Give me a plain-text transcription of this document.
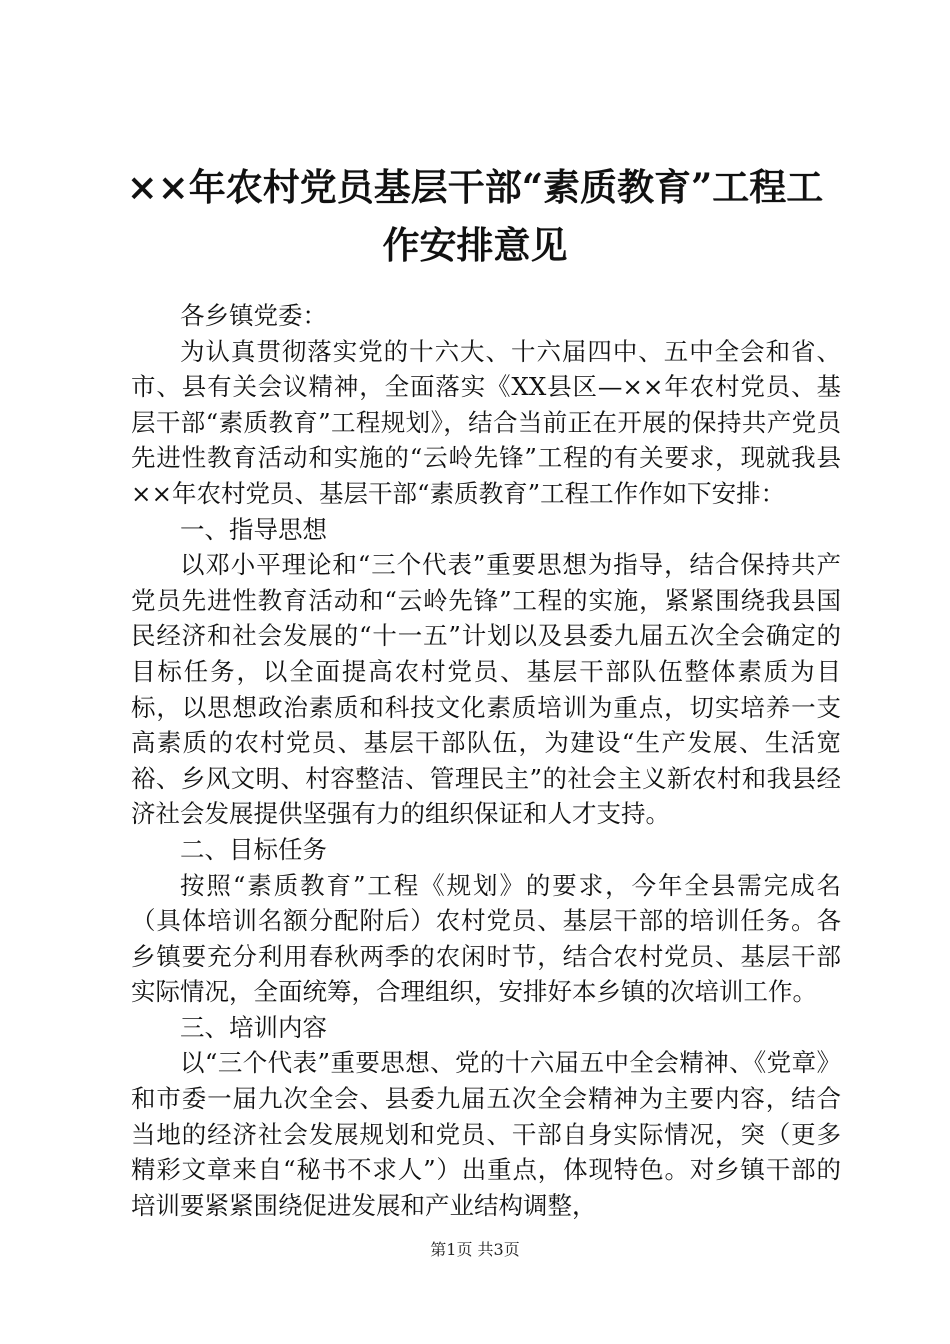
××年农村党员基层干部“素质教育”工程工
作安排意见

各乡镇党委：

为认真贯彻落实党的十六大、十六届四中、五中全会和省、市、县有关会议精神，全面落实《XX县区—××年农村党员、基层干部“素质教育”工程规划》，结合当前正在开展的保持共产党员先进性教育活动和实施的“云岭先锋”工程的有关要求，现就我县××年农村党员、基层干部“素质教育”工程工作作如下安排：

一、指导思想

以邓小平理论和“三个代表”重要思想为指导，结合保持共产党员先进性教育活动和“云岭先锋”工程的实施，紧紧围绕我县国民经济和社会发展的“十一五”计划以及县委九届五次全会确定的目标任务，以全面提高农村党员、基层干部队伍整体素质为目标，以思想政治素质和科技文化素质培训为重点，切实培养一支高素质的农村党员、基层干部队伍，为建设“生产发展、生活宽裕、乡风文明、村容整洁、管理民主”的社会主义新农村和我县经济社会发展提供坚强有力的组织保证和人才支持。

二、目标任务

按照“素质教育”工程《规划》的要求，今年全县需完成名（具体培训名额分配附后）农村党员、基层干部的培训任务。各乡镇要充分利用春秋两季的农闲时节，结合农村党员、基层干部实际情况，全面统筹，合理组织，安排好本乡镇的次培训工作。

三、培训内容

以“三个代表”重要思想、党的十六届五中全会精神、《党章》和市委一届九次全会、县委九届五次全会精神为主要内容，结合当地的经济社会发展规划和党员、干部自身实际情况，突（更多精彩文章来自“秘书不求人”）出重点，体现特色。对乡镇干部的培训要紧紧围绕促进发展和产业结构调整，

第1页 共3页
